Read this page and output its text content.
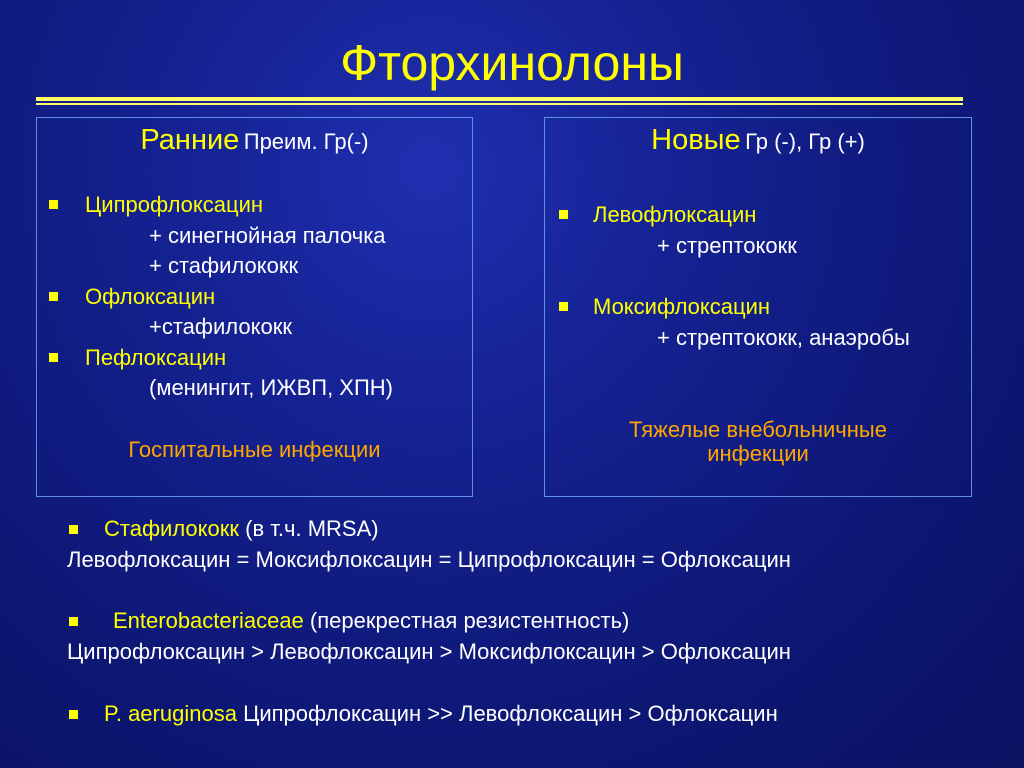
Фторхинолоны
Ранние Преим. Гр(-)
Ципрофлоксацин
+ синегнойная палочка
+ стафилококк
Офлоксацин
+стафилококк
Пефлоксацин
(менингит, ИЖВП, ХПН)
Госпитальные инфекции
Новые Гр (-), Гр (+)
Левофлоксацин
+ стрептококк
Моксифлоксацин
+ стрептококк, анаэробы
Тяжелые внебольничные
инфекции
Стафилококк (в т.ч. MRSA)
Левофлоксацин = Моксифлоксацин = Ципрофлоксацин = Офлоксацин
Enterobacteriaceae (перекрестная резистентность)
Ципрофлоксацин > Левофлоксацин > Моксифлоксацин > Офлоксацин
P. aeruginosa Ципрофлоксацин >> Левофлоксацин > Офлоксацин
